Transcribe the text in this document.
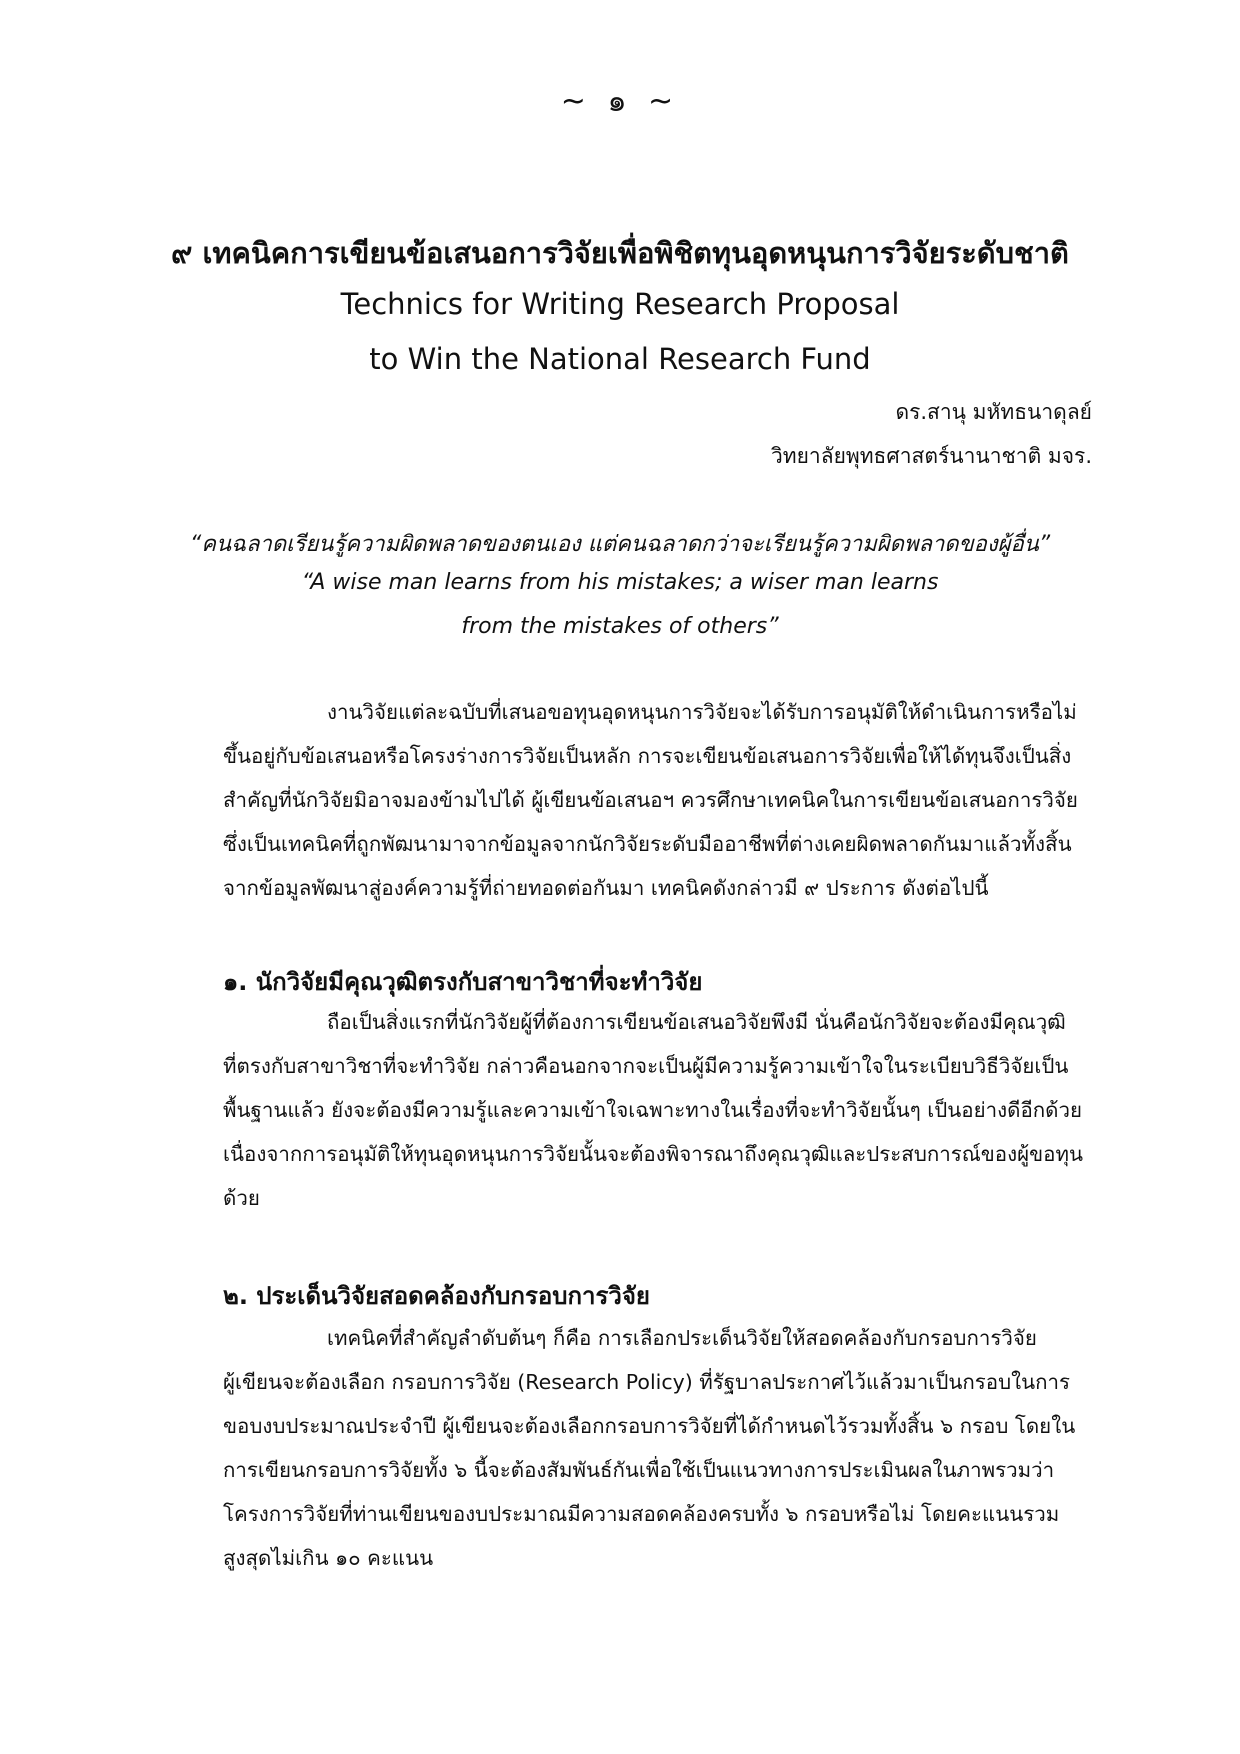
~ ๑ ~
๙ เทคนิคการเขียนข้อเสนอการวิจัยเพื่อพิชิตทุนอุดหนุนการวิจัยระดับชาติ
Technics for Writing Research Proposal
to Win the National Research Fund
ดร.สานุ มหัทธนาดุลย์
วิทยาลัยพุทธศาสตร์นานาชาติ มจร.
“คนฉลาดเรียนรู้ความผิดพลาดของตนเอง แต่คนฉลาดกว่าจะเรียนรู้ความผิดพลาดของผู้อื่น”
“A wise man learns from his mistakes; a wiser man learns
from the mistakes of others”

งานวิจัยแต่ละฉบับที่เสนอขอทุนอุดหนุนการวิจัยจะได้รับการอนุมัติให้ดำเนินการหรือไม่

ขึ้นอยู่กับข้อเสนอหรือโครงร่างการวิจัยเป็นหลัก การจะเขียนข้อเสนอการวิจัยเพื่อให้ได้ทุนจึงเป็นสิ่ง

สำคัญที่นักวิจัยมิอาจมองข้ามไปได้ ผู้เขียนข้อเสนอฯ ควรศึกษาเทคนิคในการเขียนข้อเสนอการวิจัย

ซึ่งเป็นเทคนิคที่ถูกพัฒนามาจากข้อมูลจากนักวิจัยระดับมืออาชีพที่ต่างเคยผิดพลาดกันมาแล้วทั้งสิ้น

จากข้อมูลพัฒนาสู่องค์ความรู้ที่ถ่ายทอดต่อกันมา เทคนิคดังกล่าวมี ๙ ประการ ดังต่อไปนี้

๑. นักวิจัยมีคุณวุฒิตรงกับสาขาวิชาที่จะทำวิจัย

ถือเป็นสิ่งแรกที่นักวิจัยผู้ที่ต้องการเขียนข้อเสนอวิจัยพึงมี นั่นคือนักวิจัยจะต้องมีคุณวุฒิ

ที่ตรงกับสาขาวิชาที่จะทำวิจัย กล่าวคือนอกจากจะเป็นผู้มีความรู้ความเข้าใจในระเบียบวิธีวิจัยเป็น

พื้นฐานแล้ว ยังจะต้องมีความรู้และความเข้าใจเฉพาะทางในเรื่องที่จะทำวิจัยนั้นๆ เป็นอย่างดีอีกด้วย

เนื่องจากการอนุมัติให้ทุนอุดหนุนการวิจัยนั้นจะต้องพิจารณาถึงคุณวุฒิและประสบการณ์ของผู้ขอทุน

ด้วย

๒. ประเด็นวิจัยสอดคล้องกับกรอบการวิจัย

เทคนิคที่สำคัญลำดับต้นๆ ก็คือ การเลือกประเด็นวิจัยให้สอดคล้องกับกรอบการวิจัย

ผู้เขียนจะต้องเลือก กรอบการวิจัย (Research Policy) ที่รัฐบาลประกาศไว้แล้วมาเป็นกรอบในการ

ขอบงบประมาณประจำปี ผู้เขียนจะต้องเลือกกรอบการวิจัยที่ได้กำหนดไว้รวมทั้งสิ้น ๖ กรอบ โดยใน

การเขียนกรอบการวิจัยทั้ง ๖ นี้จะต้องสัมพันธ์กันเพื่อใช้เป็นแนวทางการประเมินผลในภาพรวมว่า

โครงการวิจัยที่ท่านเขียนของบประมาณมีความสอดคล้องครบทั้ง ๖ กรอบหรือไม่ โดยคะแนนรวม

สูงสุดไม่เกิน ๑๐ คะแนน
